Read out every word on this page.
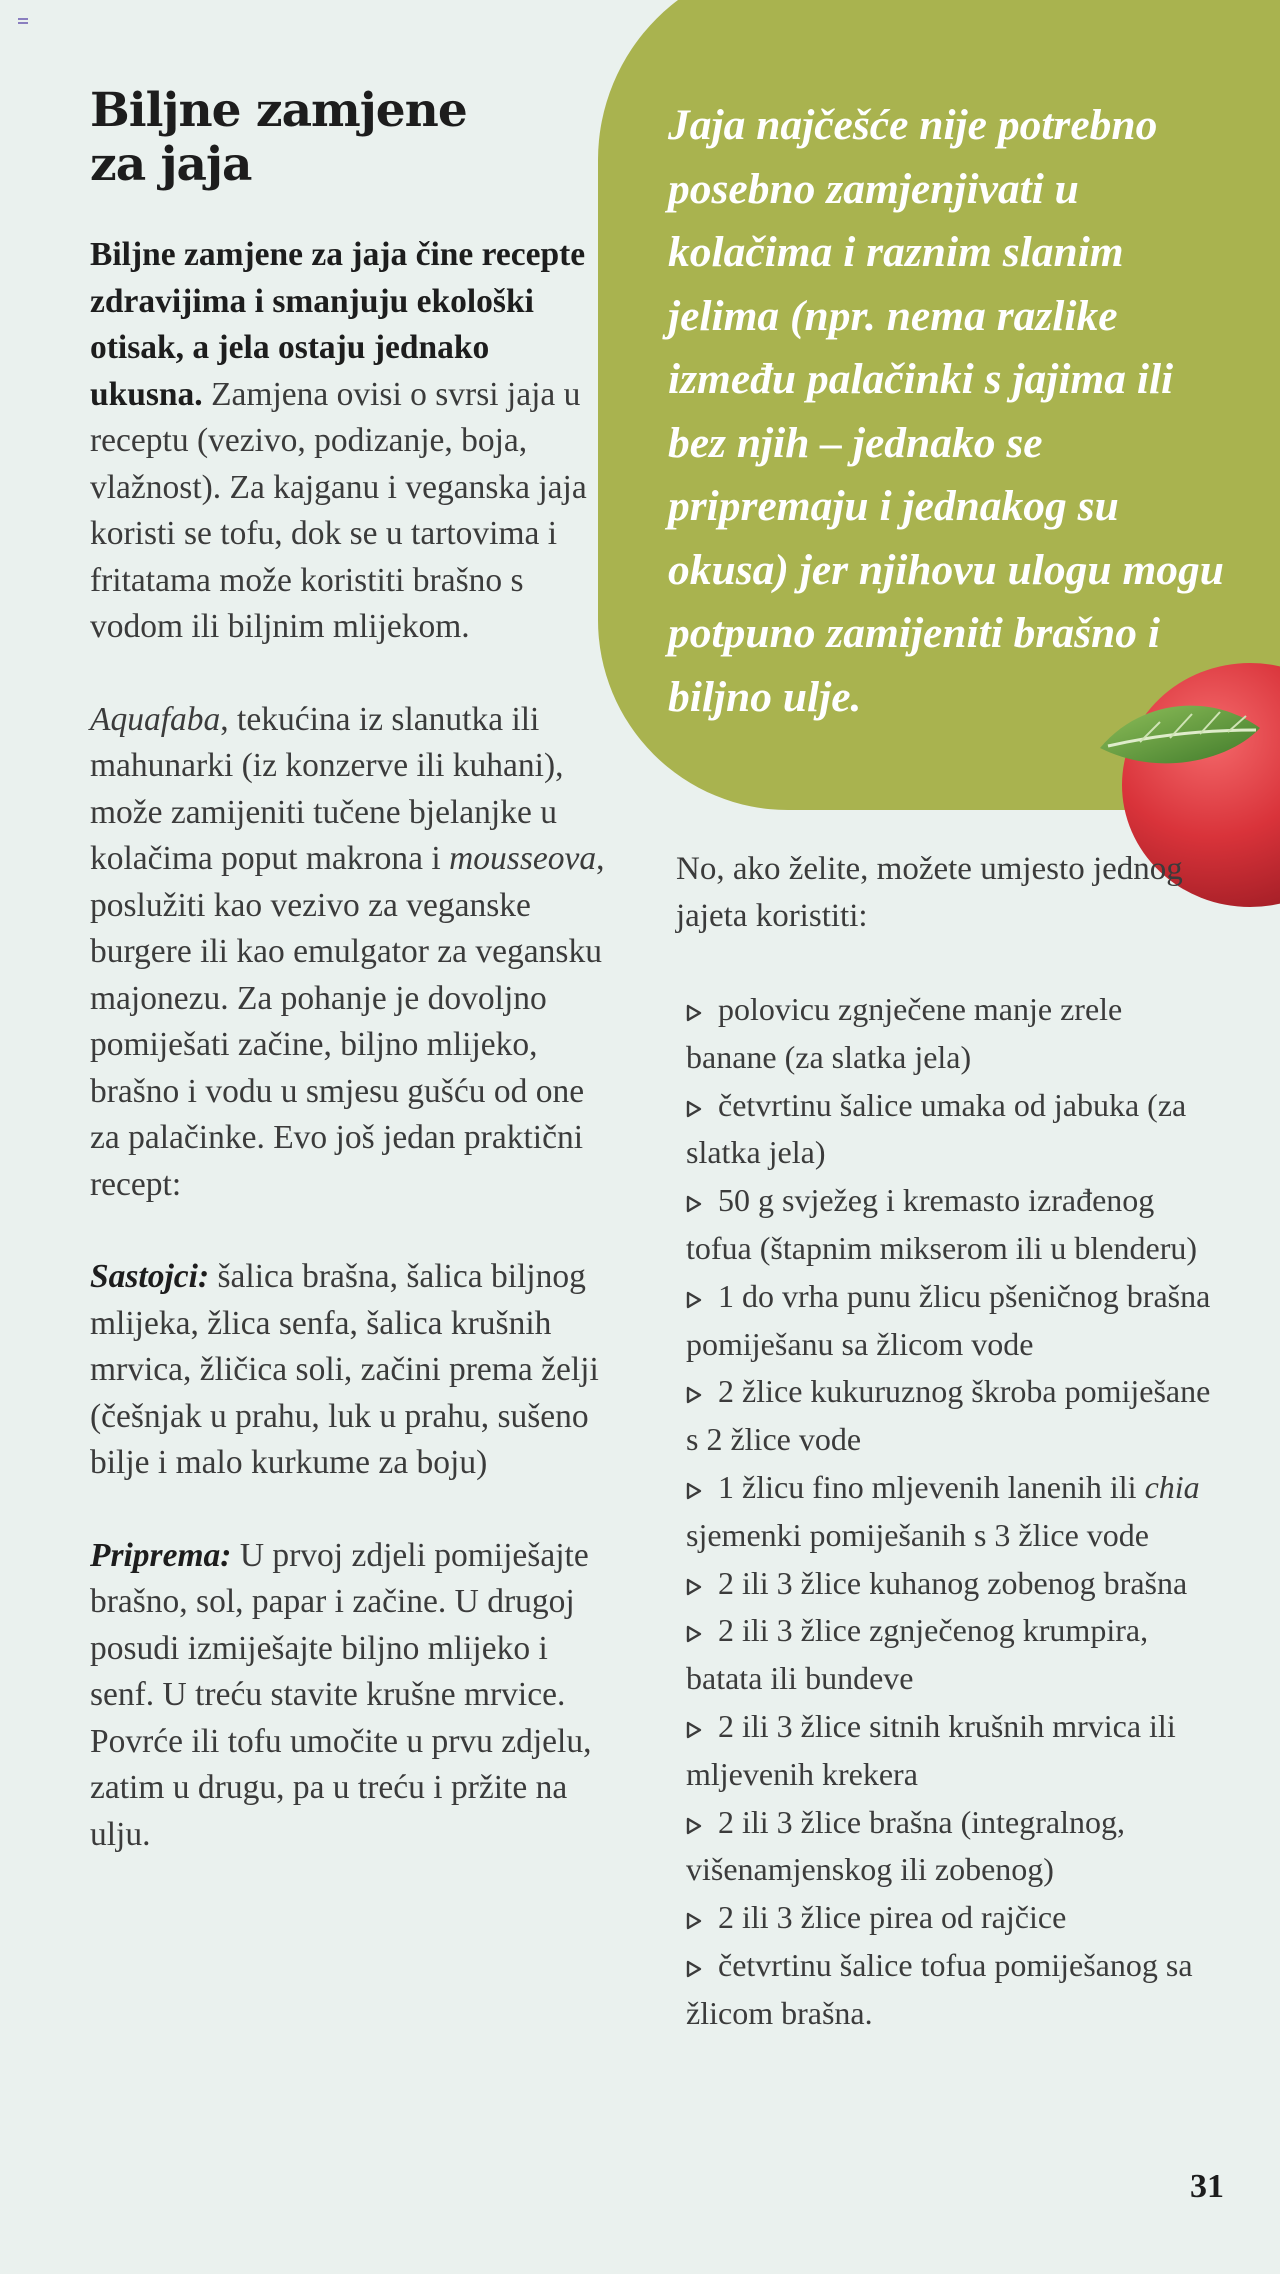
Biljne zamjene za jaja

Biljne zamjene za jaja čine recepte zdravijima i smanjuju ekološki otisak, a jela ostaju jednako ukusna. Zamjena ovisi o svrsi jaja u receptu (vezivo, podizanje, boja, vlažnost). Za kajganu i veganska jaja koristi se tofu, dok se u tartovima i fritatama može koristiti brašno s vodom ili biljnim mlijekom.

Aquafaba, tekućina iz slanutka ili mahunarki (iz konzerve ili kuhani), može zamijeniti tučene bjelanjke u kolačima poput makrona i mousseova, poslužiti kao vezivo za veganske burgere ili kao emulgator za vegansku majonezu. Za pohanje je dovoljno pomiješati začine, biljno mlijeko, brašno i vodu u smjesu gušću od one za palačinke. Evo još jedan praktični recept:

Sastojci: šalica brašna, šalica biljnog mlijeka, žlica senfa, šalica krušnih mrvica, žličica soli, začini prema želji (češnjak u prahu, luk u prahu, sušeno bilje i malo kurkume za boju)

Priprema: U prvoj zdjeli pomiješajte brašno, sol, papar i začine. U drugoj posudi izmiješajte biljno mlijeko i senf. U treću stavite krušne mrvice. Povrće ili tofu umočite u prvu zdjelu, zatim u drugu, pa u treću i pržite na ulju.

Jaja najčešće nije potrebno posebno zamjenjivati u kolačima i raznim slanim jelima (npr. nema razlike između palačinki s jajima ili bez njih – jednako se pripremaju i jednakog su okusa) jer njihovu ulogu mogu potpuno zamijeniti brašno i biljno ulje.

No, ako želite, možete umjesto jednog jajeta koristiti:

polovicu zgnječene manje zrele banane (za slatka jela)
četvrtinu šalice umaka od jabuka (za slatka jela)
50 g svježeg i kremasto izrađenog tofua (štapnim mikserom ili u blenderu)
1 do vrha punu žlicu pšeničnog brašna pomiješanu sa žlicom vode
2 žlice kukuruznog škroba pomiješane s 2 žlice vode
1 žlicu fino mljevenih lanenih ili chia sjemenki pomiješanih s 3 žlice vode
2 ili 3 žlice kuhanog zobenog brašna
2 ili 3 žlice zgnječenog krumpira, batata ili bundeve
2 ili 3 žlice sitnih krušnih mrvica ili mljevenih krekera
2 ili 3 žlice brašna (integralnog, višenamjenskog ili zobenog)
2 ili 3 žlice pirea od rajčice
četvrtinu šalice tofua pomiješanog sa žlicom brašna.

31
